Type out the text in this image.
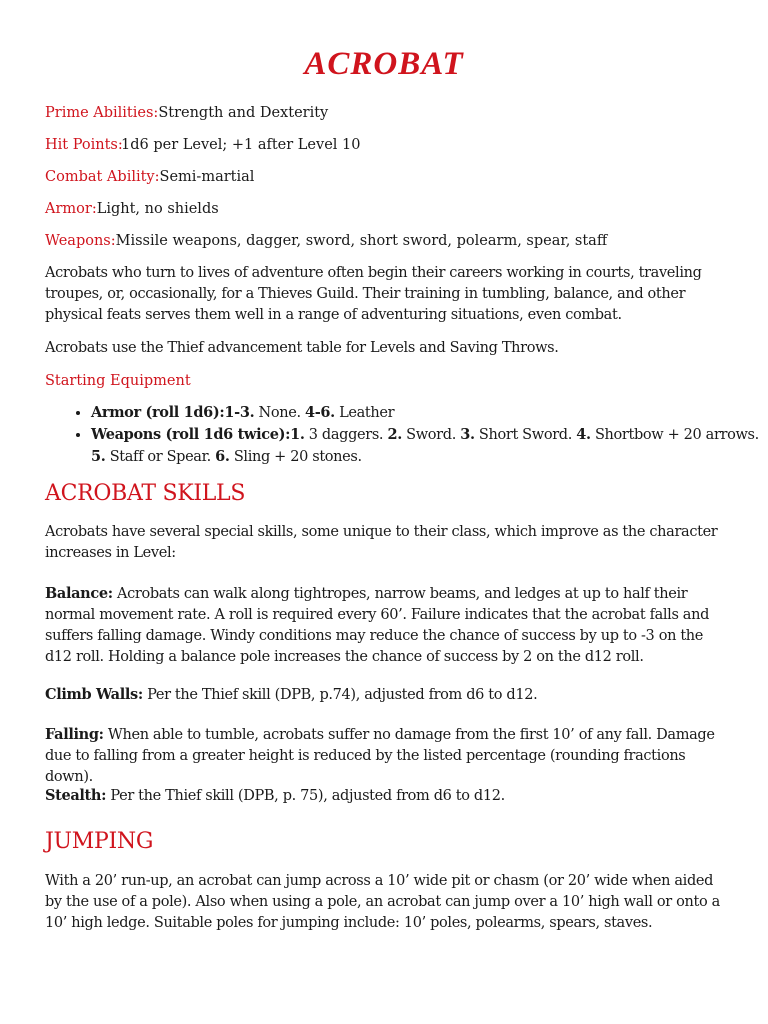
ACROBAT
Prime Abilities:Strength and Dexterity
Hit Points:1d6 per Level; +1 after Level 10
Combat Ability:Semi-martial
Armor:Light, no shields
Weapons:Missile weapons, dagger, sword, short sword, polearm, spear, staff
Acrobats who turn to lives of adventure often begin their careers working in courts, traveling troupes, or, occasionally, for a Thieves Guild. Their training in tumbling, balance, and other physical feats serves them well in a range of adventuring situations, even combat.
Acrobats use the Thief advancement table for Levels and Saving Throws.
Starting Equipment
• Armor (roll 1d6):1-3. None. 4-6. Leather
• Weapons (roll 1d6 twice):1. 3 daggers. 2. Sword. 3. Short Sword. 4. Shortbow + 20 arrows. 5. Staff or Spear. 6. Sling + 20 stones.
ACROBAT SKILLS
Acrobats have several special skills, some unique to their class, which improve as the character increases in Level:
Balance: Acrobats can walk along tightropes, narrow beams, and ledges at up to half their normal movement rate. A roll is required every 60’. Failure indicates that the acrobat falls and suffers falling damage. Windy conditions may reduce the chance of success by up to -3 on the d12 roll. Holding a balance pole increases the chance of success by 2 on the d12 roll.
Climb Walls: Per the Thief skill (DPB, p.74), adjusted from d6 to d12.
Falling: When able to tumble, acrobats suffer no damage from the first 10’ of any fall. Damage due to falling from a greater height is reduced by the listed percentage (rounding fractions down).
Stealth: Per the Thief skill (DPB, p. 75), adjusted from d6 to d12.
JUMPING
With a 20’ run-up, an acrobat can jump across a 10’ wide pit or chasm (or 20’ wide when aided by the use of a pole). Also when using a pole, an acrobat can jump over a 10’ high wall or onto a 10’ high ledge. Suitable poles for jumping include: 10’ poles, polearms, spears, staves.
